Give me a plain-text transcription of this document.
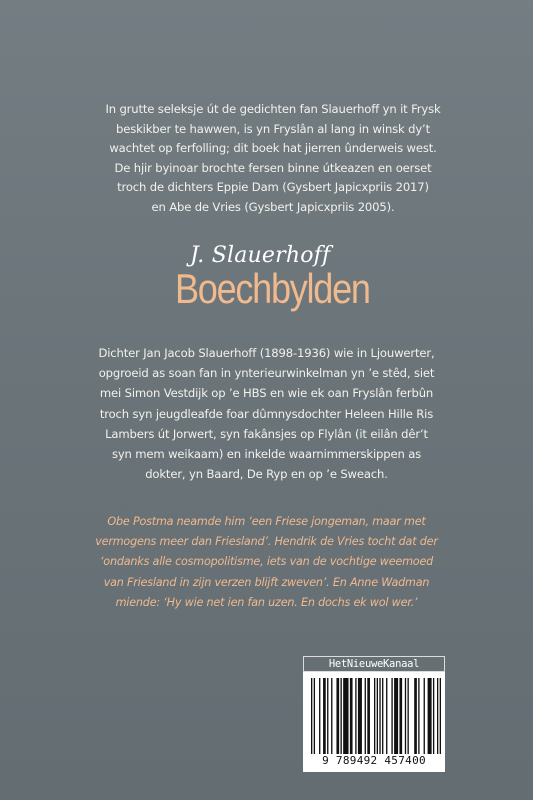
In grutte seleksje út de gedichten fan Slauerhoff yn it Frysk
beskikber te hawwen, is yn Fryslân al lang in winsk dy’t
wachtet op ferfolling; dit boek hat jierren ûnderweis west.
De hjir byinoar brochte fersen binne útkeazen en oerset
troch de dichters Eppie Dam (Gysbert Japicxpriis 2017)
en Abe de Vries (Gysbert Japicxpriis 2005).
J. Slauerhoff
Boechbylden
Dichter Jan Jacob Slauerhoff (1898-1936) wie in Ljouwerter,
opgroeid as soan fan in ynterieurwinkelman yn ’e stêd, siet
mei Simon Vestdijk op ’e HBS en wie ek oan Fryslân ferbûn
troch syn jeugdleafde foar dûmnysdochter Heleen Hille Ris
Lambers út Jorwert, syn fakânsjes op Flylân (it eilân dêr’t
syn mem weikaam) en inkelde waarnimmerskippen as
dokter, yn Baard, De Ryp en op ’e Sweach.
Obe Postma neamde him ‘een Friese jongeman, maar met
vermogens meer dan Friesland’. Hendrik de Vries tocht dat der
‘ondanks alle cosmopolitisme, iets van de vochtige weemoed
van Friesland in zijn verzen blijft zweven’. En Anne Wadman
miende: ‘Hy wie net ien fan uzen. En dochs ek wol wer.’
HetNieuweKanaal
9 789492 457400
